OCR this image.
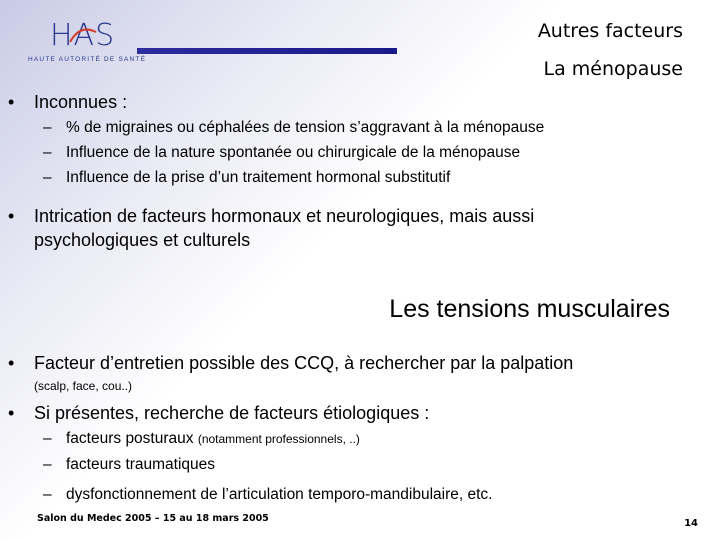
HAS
HAUTE AUTORITÉ DE SANTÉ
Autres facteurs
La ménopause
• Inconnues :
– % de migraines ou céphalées de tension s’aggravant à la ménopause
– Influence de la nature spontanée ou chirurgicale de la ménopause
– Influence de la prise d’un traitement hormonal substitutif
• Intrication de facteurs hormonaux et neurologiques, mais aussi
psychologiques et culturels
Les tensions musculaires
• Facteur d’entretien possible des CCQ, à rechercher par la palpation
(scalp, face, cou..)
• Si présentes, recherche de facteurs étiologiques :
– facteurs posturaux (notamment professionnels, ..)
– facteurs traumatiques
– dysfonctionnement de l’articulation temporo-mandibulaire, etc.
Salon du Medec 2005 – 15 au 18 mars 2005	14
